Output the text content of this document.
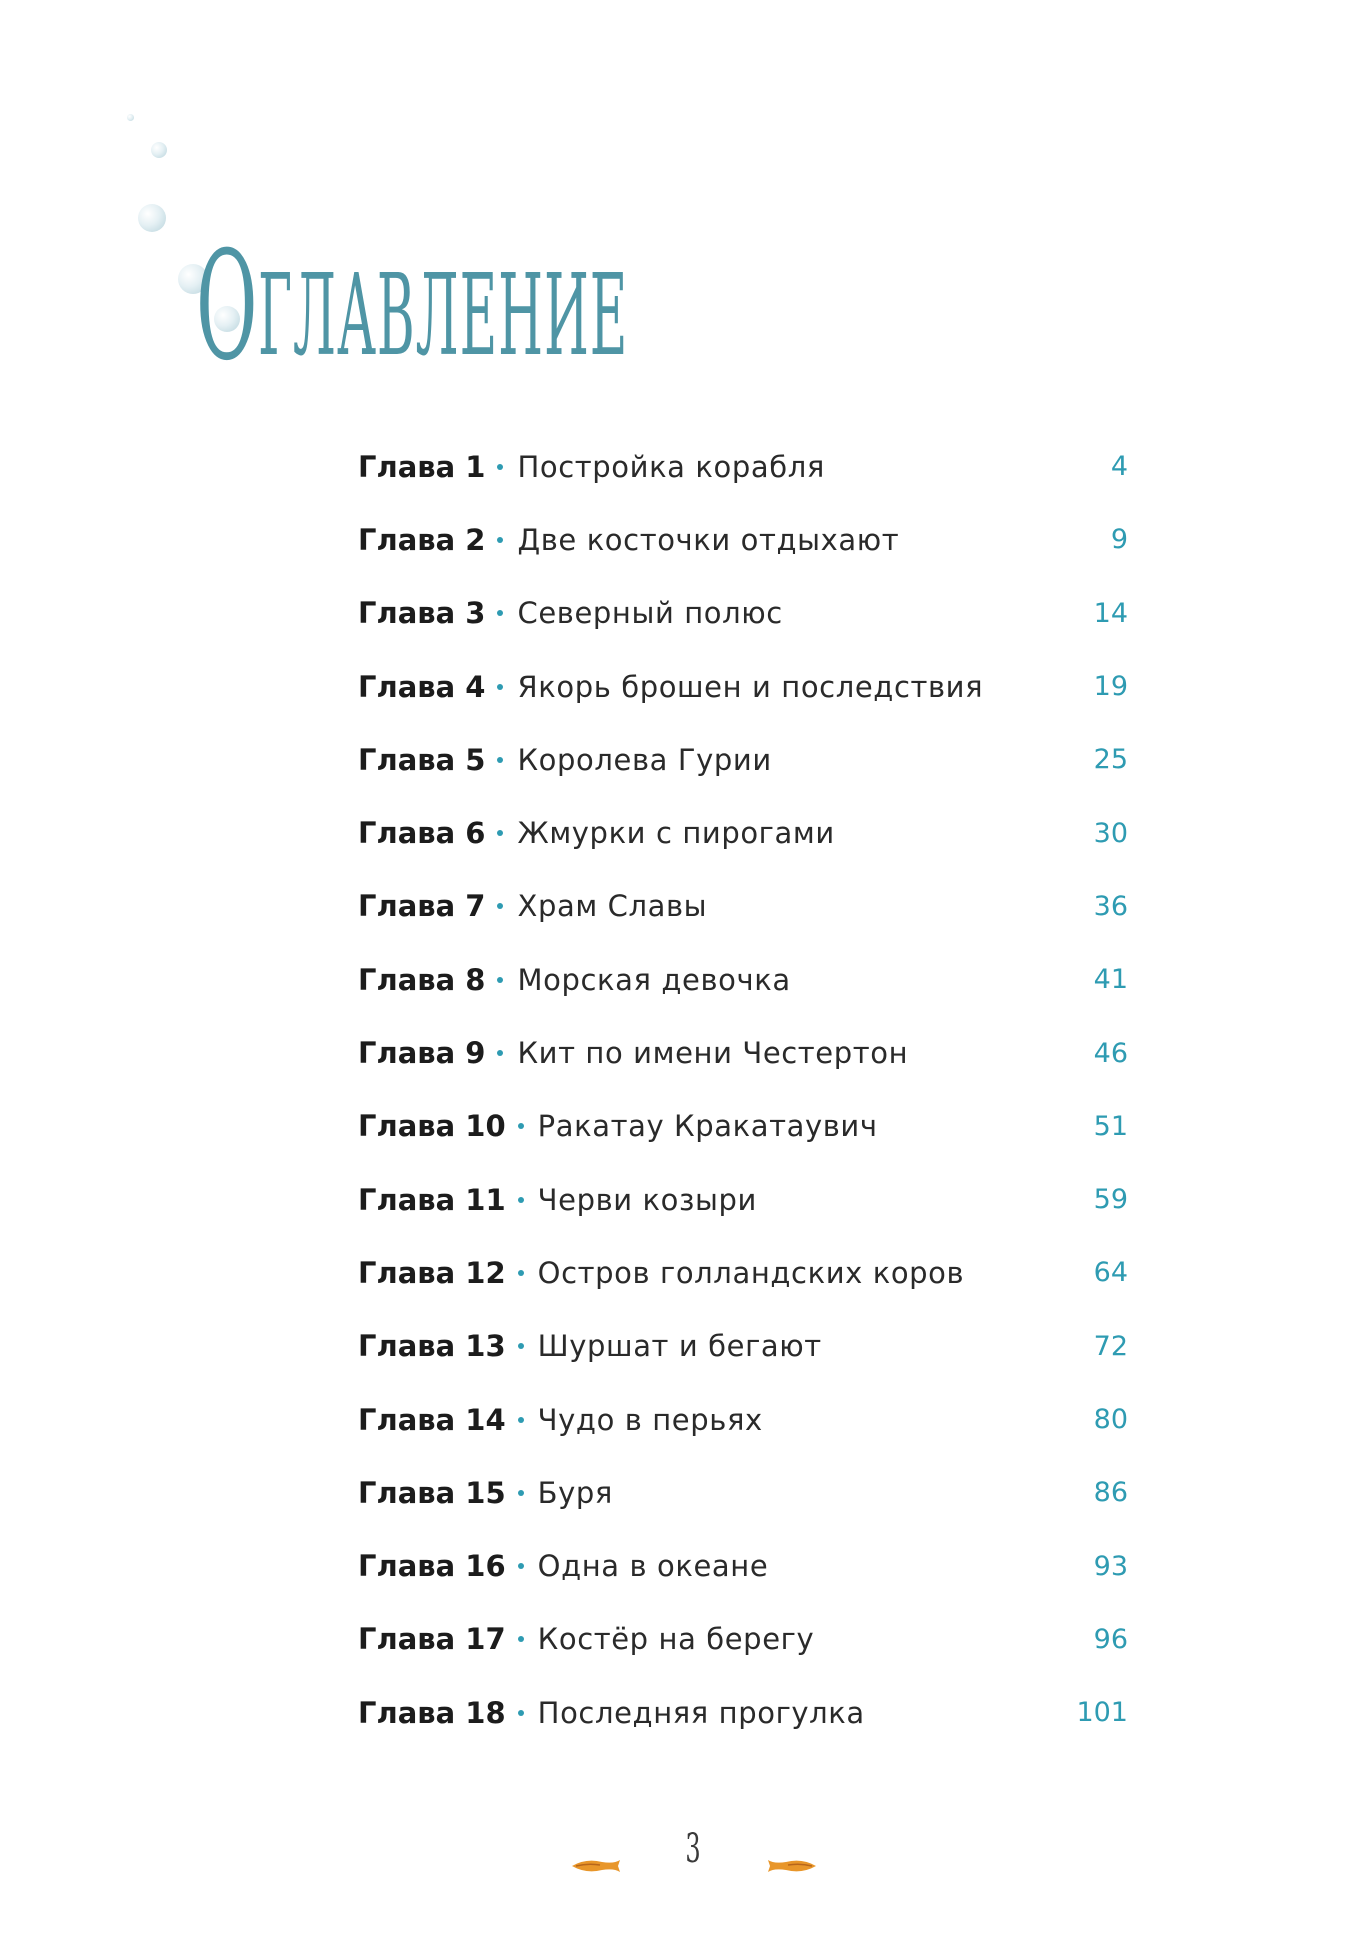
О ГЛАВЛЕНИЕ
Глава 1 Постройка корабля	4
Глава 2 Две косточки отдыхают	9
Глава 3 Северный полюс	14
Глава 4 Якорь брошен и последствия	19
Глава 5 Королева Гурии	25
Глава 6 Жмурки с пирогами	30
Глава 7 Храм Славы	36
Глава 8 Морская девочка	41
Глава 9 Кит по имени Честертон	46
Глава 10 Ракатау Кракатаувич	51
Глава 11 Черви козыри	59
Глава 12 Остров голландских коров	64
Глава 13 Шуршат и бегают	72
Глава 14 Чудо в перьях	80
Глава 15 Буря	86
Глава 16 Одна в океане	93
Глава 17 Костёр на берегу	96
Глава 18 Последняя прогулка	101
3
